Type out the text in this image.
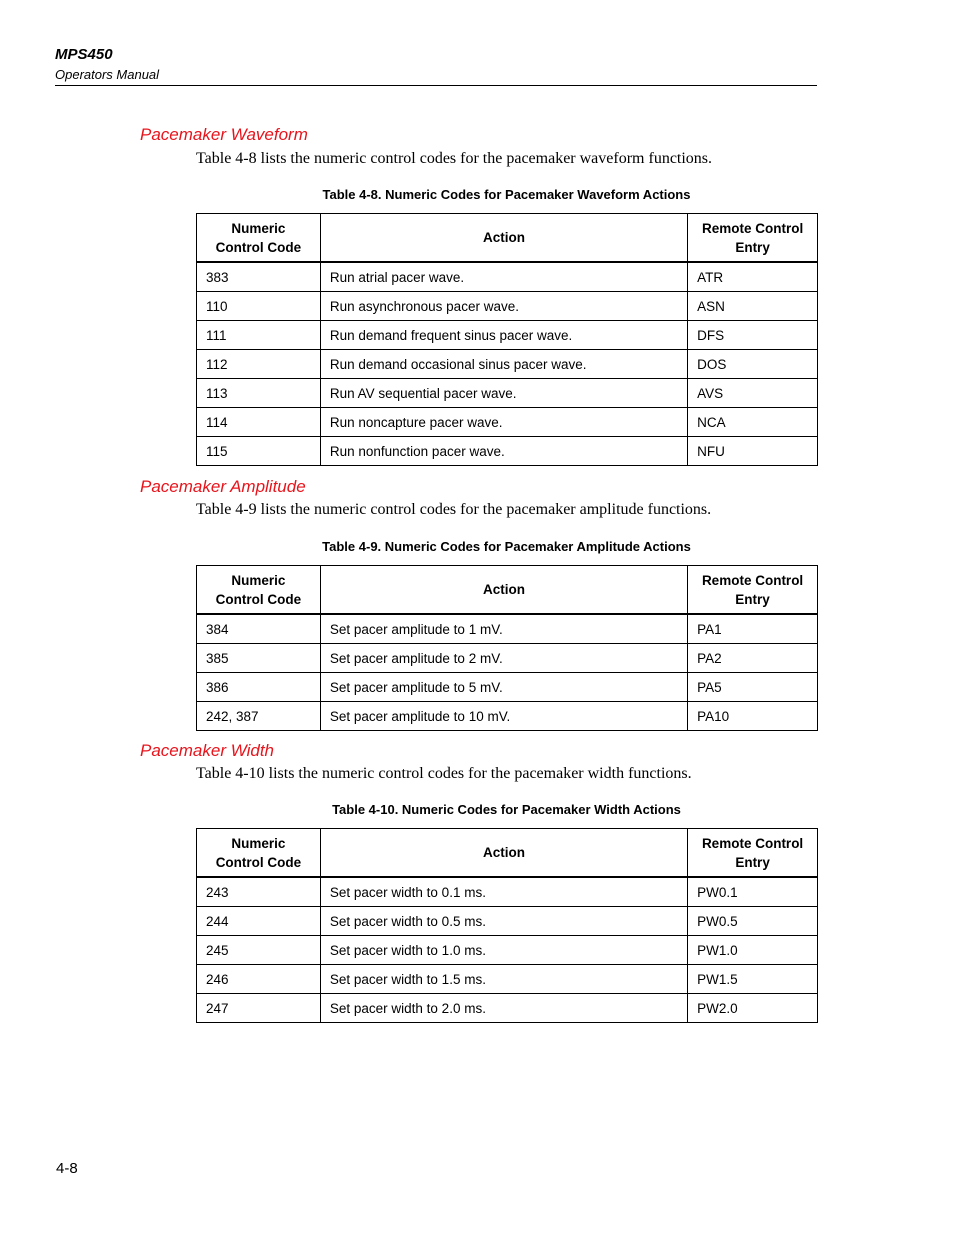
MPS450
Operators Manual
Pacemaker Waveform
Table 4-8 lists the numeric control codes for the pacemaker waveform functions.
Table 4-8. Numeric Codes for Pacemaker Waveform Actions
Numeric Control Code	Action	Remote Control Entry
383	Run atrial pacer wave.	ATR
110	Run asynchronous pacer wave.	ASN
111	Run demand frequent sinus pacer wave.	DFS
112	Run demand occasional sinus pacer wave.	DOS
113	Run AV sequential pacer wave.	AVS
114	Run noncapture pacer wave.	NCA
115	Run nonfunction pacer wave.	NFU
Pacemaker Amplitude
Table 4-9 lists the numeric control codes for the pacemaker amplitude functions.
Table 4-9. Numeric Codes for Pacemaker Amplitude Actions
Numeric Control Code	Action	Remote Control Entry
384	Set pacer amplitude to 1 mV.	PA1
385	Set pacer amplitude to 2 mV.	PA2
386	Set pacer amplitude to 5 mV.	PA5
242, 387	Set pacer amplitude to 10 mV.	PA10
Pacemaker Width
Table 4-10 lists the numeric control codes for the pacemaker width functions.
Table 4-10. Numeric Codes for Pacemaker Width Actions
Numeric Control Code	Action	Remote Control Entry
243	Set pacer width to 0.1 ms.	PW0.1
244	Set pacer width to 0.5 ms.	PW0.5
245	Set pacer width to 1.0 ms.	PW1.0
246	Set pacer width to 1.5 ms.	PW1.5
247	Set pacer width to 2.0 ms.	PW2.0
4-8
